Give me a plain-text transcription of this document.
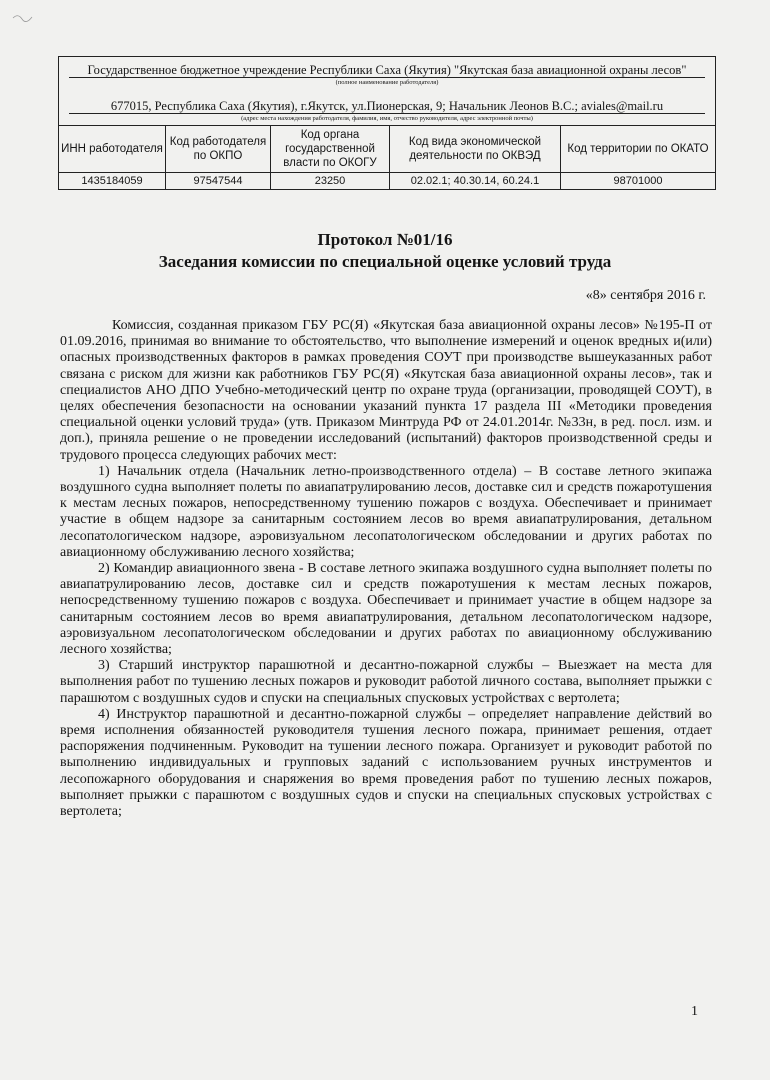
Государственное бюджетное учреждение Республики Саха (Якутия) "Якутская база авиационной охраны лесов"
(полное наименование работодателя)
677015, Республика Саха (Якутия), г.Якутск, ул.Пионерская, 9; Начальник Леонов В.С.; aviales@mail.ru
(адрес места нахождения работодателя, фамилия, имя, отчество руководителя, адрес электронной почты)
ИНН работодателя	Код работодателя по ОКПО	Код органа государственной власти по ОКОГУ	Код вида экономической деятельности по ОКВЭД	Код территории по ОКАТО
1435184059	97547544	23250	02.02.1; 40.30.14, 60.24.1	98701000
Протокол №01/16
Заседания комиссии по специальной оценке условий труда
«8» сентября 2016 г.

Комиссия, созданная приказом ГБУ РС(Я) «Якутская база авиационной охраны лесов» №195-П от 01.09.2016, принимая во внимание то обстоятельство, что выполнение измерений и оценок вредных и(или) опасных производственных факторов в рамках проведения СОУТ при производстве вышеуказанных работ связана с риском для жизни как работников ГБУ РС(Я) «Якутская база авиационной охраны лесов», так и специалистов АНО ДПО Учебно-методический центр по охране труда (организации, проводящей СОУТ), в целях обеспечения безопасности на основании указаний пункта 17 раздела III «Методики проведения специальной оценки условий труда» (утв. Приказом Минтруда РФ от 24.01.2014г. №33н, в ред. посл. изм. и доп.), приняла решение о не проведении исследований (испытаний) факторов производственной среды и трудового процесса следующих рабочих мест:

1) Начальник отдела (Начальник летно-производственного отдела) – В составе летного экипажа воздушного судна выполняет полеты по авиапатрулированию лесов, доставке сил и средств пожаротушения к местам лесных пожаров, непосредственному тушению пожаров с воздуха. Обеспечивает и принимает участие в общем надзоре за санитарным состоянием лесов во время авиапатрулирования, детальном лесопатологическом надзоре, аэровизуальном лесопатологическом обследовании и других работах по авиационному обслуживанию лесного хозяйства;

2) Командир авиационного звена - В составе летного экипажа воздушного судна выполняет полеты по авиапатрулированию лесов, доставке сил и средств пожаротушения к местам лесных пожаров, непосредственному тушению пожаров с воздуха. Обеспечивает и принимает участие в общем надзоре за санитарным состоянием лесов во время авиапатрулирования, детальном лесопатологическом надзоре, аэровизуальном лесопатологическом обследовании и других работах по авиационному обслуживанию лесного хозяйства;

3) Старший инструктор парашютной и десантно-пожарной службы – Выезжает на места для выполнения работ по тушению лесных пожаров и руководит работой личного состава, выполняет прыжки с парашютом с воздушных судов и спуски на специальных спусковых устройствах с вертолета;

4) Инструктор парашютной и десантно-пожарной службы – определяет направление действий во время исполнения обязанностей руководителя тушения лесного пожара, принимает решения, отдает распоряжения подчиненным. Руководит на тушении лесного пожара. Организует и руководит работой по выполнению индивидуальных и групповых заданий с использованием ручных инструментов и лесопожарного оборудования и снаряжения во время проведения работ по тушению лесных пожаров, выполняет прыжки с парашютом с воздушных судов и спуски на специальных спусковых устройствах с вертолета;

1
